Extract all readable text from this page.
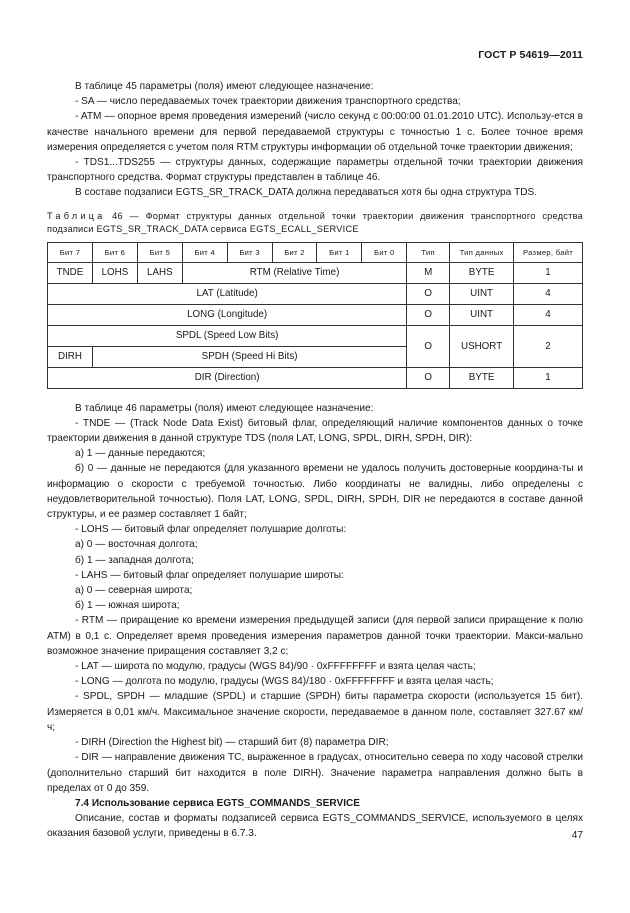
ГОСТ Р 54619—2011

В таблице 45 параметры (поля) имеют следующее назначение:

- SA — число передаваемых точек траектории движения транспортного средства;

- ATM — опорное время проведения измерений (число секунд с 00:00:00 01.01.2010 UTC). Использу-ется в качестве начального времени для первой передаваемой структуры с точностью 1 с. Более точное время измерения определяется с учетом поля RTM структуры информации об отдельной точке траектории движения;

- TDS1...TDS255 — структуры данных, содержащие параметры отдельной точки траектории движения транспортного средства. Формат структуры представлен в таблице 46.

В составе подзаписи EGTS_SR_TRACK_DATA должна передаваться хотя бы одна структура TDS.

Таблица 46 — Формат структуры данных отдельной точки траектории движения транспортного средства подзаписи EGTS_SR_TRACK_DATA сервиса EGTS_ECALL_SERVICE
Бит 7	Бит 6	Бит 5	Бит 4	Бит 3	Бит 2	Бит 1	Бит 0	Тип	Тип данных	Размер, байт
TNDE	LOHS	LAHS	RTM (Relative Time)					M	BYTE	1
LAT (Latitude)								O	UINT	4
LONG (Longitude)								O	UINT	4
SPDL (Speed Low Bits)								O	USHORT	2
DIRH	SPDH (Speed Hi Bits)									
DIR (Direction)								O	BYTE	1

В таблице 46 параметры (поля) имеют следующее назначение:

- TNDE — (Track Node Data Exist) битовый флаг, определяющий наличие компонентов данных о точке траектории движения в данной структуре TDS (поля LAT, LONG, SPDL, DIRH, SPDH, DIR):

а) 1 — данные передаются;

б) 0 — данные не передаются (для указанного времени не удалось получить достоверные координа-ты и информацию о скорости с требуемой точностью. Либо координаты не валидны, либо определены с неудовлетворительной точностью). Поля LAT, LONG, SPDL, DIRH, SPDH, DIR не передаются в составе данной структуры, и ее размер составляет 1 байт;

- LOHS — битовый флаг определяет полушарие долготы:

а) 0 — восточная долгота;

б) 1 — западная долгота;

- LAHS — битовый флаг определяет полушарие широты:

а) 0 — северная широта;

б) 1 — южная широта;

- RTM — приращение ко времени измерения предыдущей записи (для первой записи приращение к полю ATM) в 0,1 с. Определяет время проведения измерения параметров данной точки траектории. Макси-мально возможное значение приращения составляет 3,2 с;

- LAT — широта по модулю, градусы (WGS 84)/90 · 0xFFFFFFFF и взята целая часть;

- LONG — долгота по модулю, градусы (WGS 84)/180 · 0xFFFFFFFF и взята целая часть;

- SPDL, SPDH — младшие (SPDL) и старшие (SPDH) биты параметра скорости (используется 15 бит). Измеряется в 0,01 км/ч. Максимальное значение скорости, передаваемое в данном поле, составляет 327.67 км/ч;

- DIRH (Direction the Highest bit) — старший бит (8) параметра DIR;

- DIR — направление движения ТС, выраженное в градусах, относительно севера по ходу часовой стрелки (дополнительно старший бит находится в поле DIRH). Значение параметра направления должно быть в пределах от 0 до 359.

7.4 Использование сервиса EGTS_COMMANDS_SERVICE

Описание, состав и форматы подзаписей сервиса EGTS_COMMANDS_SERVICE, используемого в целях оказания базовой услуги, приведены в 6.7.3.	47
